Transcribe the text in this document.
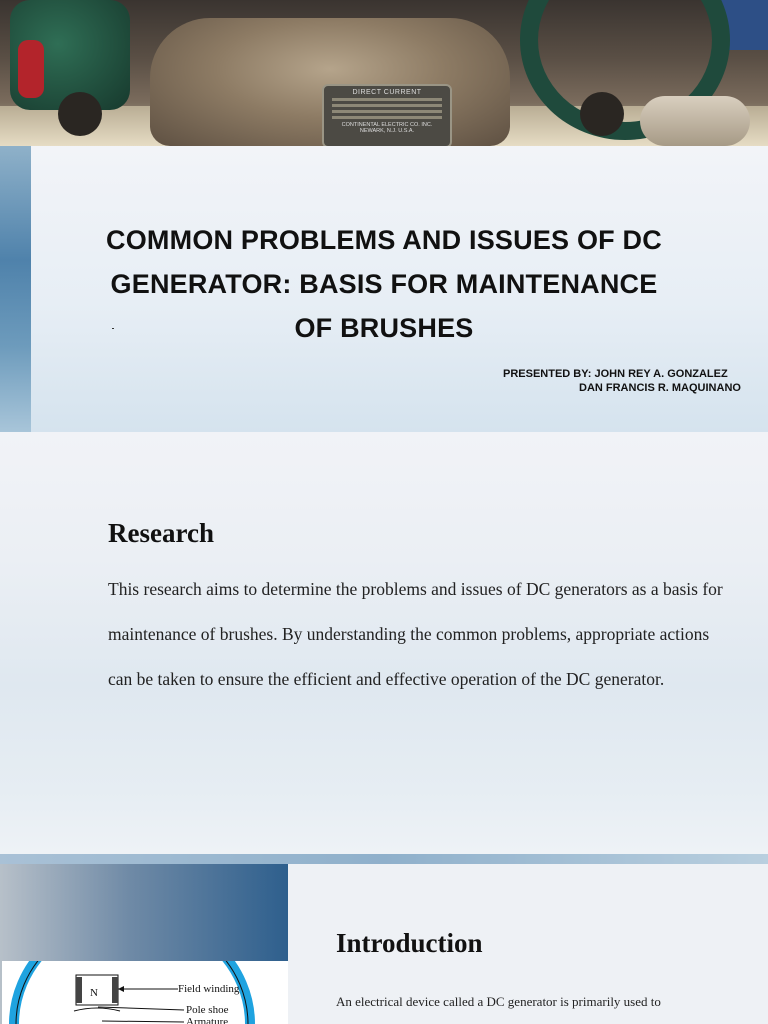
DIRECT CURRENT
CONTINENTAL ELECTRIC CO. INC.
NEWARK, N.J. U.S.A.
COMMON PROBLEMS AND ISSUES OF DC
GENERATOR: BASIS FOR MAINTENANCE
OF BRUSHES
PRESENTED BY: JOHN REY A. GONZALEZ
DAN FRANCIS R. MAQUINANO
Research
This research aims to determine the problems and issues of DC generators as a basis for maintenance of brushes. By understanding the common problems, appropriate actions can be taken to ensure the efficient and effective operation of the DC generator.
N	Field winding
Pole shoe
Armature
Introduction
An electrical device called a DC generator is primarily used to
